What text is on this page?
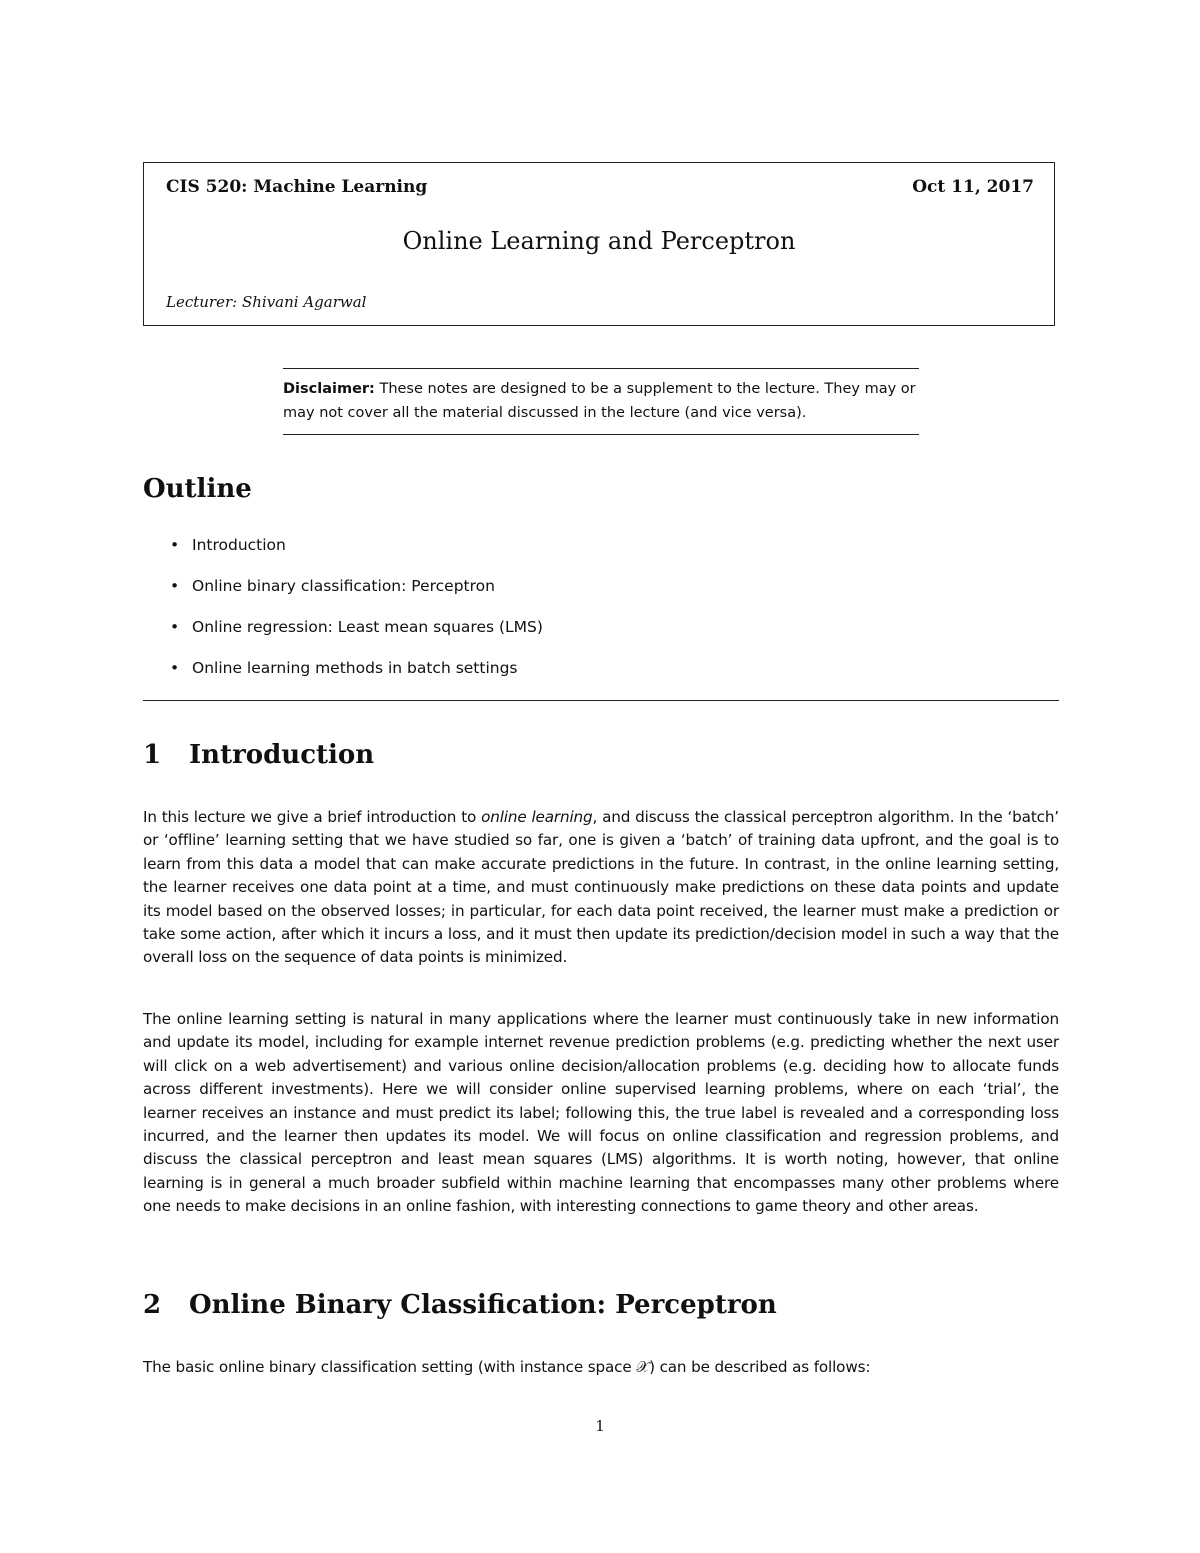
CIS 520: Machine Learning	Oct 11, 2017
Online Learning and Perceptron
Lecturer: Shivani Agarwal
Disclaimer: These notes are designed to be a supplement to the lecture. They may or may not cover all the material discussed in the lecture (and vice versa).
Outline
• Introduction
• Online binary classification: Perceptron
• Online regression: Least mean squares (LMS)
• Online learning methods in batch settings
1 Introduction

In this lecture we give a brief introduction to online learning, and discuss the classical perceptron algorithm. In the ‘batch’ or ‘offline’ learning setting that we have studied so far, one is given a ‘batch’ of training data upfront, and the goal is to learn from this data a model that can make accurate predictions in the future. In contrast, in the online learning setting, the learner receives one data point at a time, and must continuously make predictions on these data points and update its model based on the observed losses; in particular, for each data point received, the learner must make a prediction or take some action, after which it incurs a loss, and it must then update its prediction/decision model in such a way that the overall loss on the sequence of data points is minimized.

The online learning setting is natural in many applications where the learner must continuously take in new information and update its model, including for example internet revenue prediction problems (e.g. predicting whether the next user will click on a web advertisement) and various online decision/allocation problems (e.g. deciding how to allocate funds across different investments). Here we will consider online supervised learning problems, where on each ‘trial’, the learner receives an instance and must predict its label; following this, the true label is revealed and a corresponding loss incurred, and the learner then updates its model. We will focus on online classification and regression problems, and discuss the classical perceptron and least mean squares (LMS) algorithms. It is worth noting, however, that online learning is in general a much broader subfield within machine learning that encompasses many other problems where one needs to make decisions in an online fashion, with interesting connections to game theory and other areas.

2 Online Binary Classification: Perceptron

The basic online binary classification setting (with instance space 𝒳) can be described as follows:

1
